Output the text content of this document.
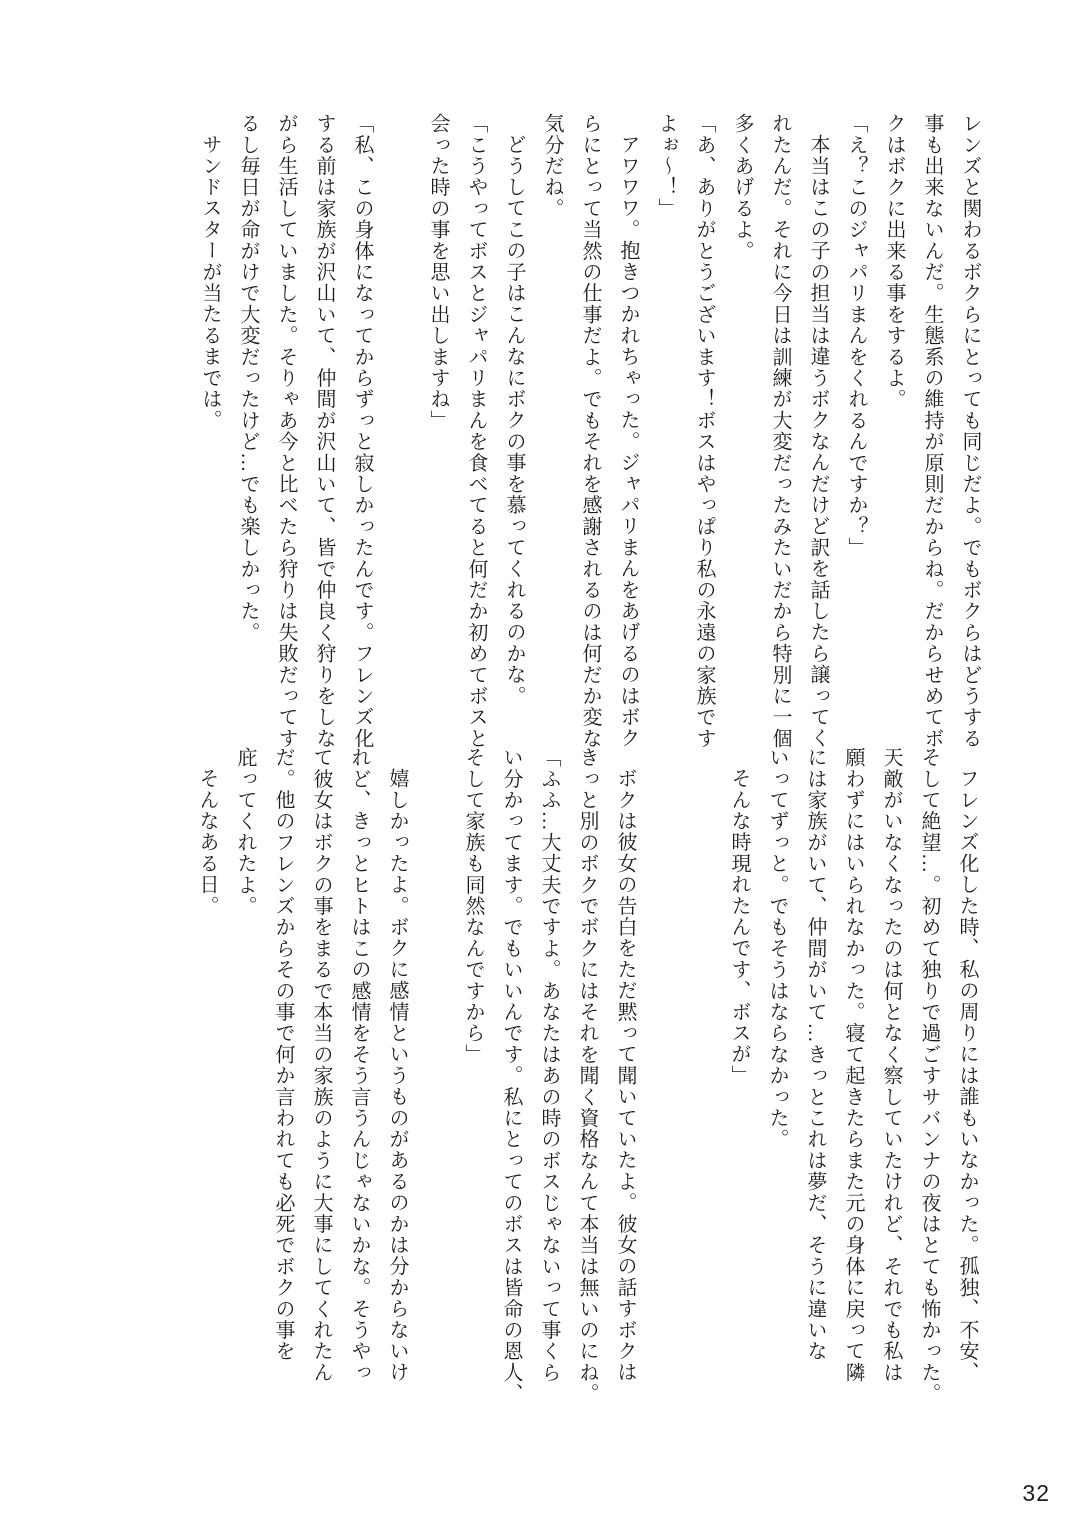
レンズと関わるボクらにとっても同じだよ。でもボクらはどうする
事も出来ないんだ。生態系の維持が原則だからね。だからせめてボ
クはボクに出来る事をするよ。
「え？このジャパリまんをくれるんですか？」
本当はこの子の担当は違うボクなんだけど訳を話したら譲ってく
れたんだ。それに今日は訓練が大変だったみたいだから特別に一個
多くあげるよ。
「あ、ありがとうございます！ボスはやっぱり私の永遠の家族です
よぉ～！」
アワワワ。抱きつかれちゃった。ジャパリまんをあげるのはボク
らにとって当然の仕事だよ。でもそれを感謝されるのは何だか変な
気分だね。
どうしてこの子はこんなにボクの事を慕ってくれるのかな。
「こうやってボスとジャパリまんを食べてると何だか初めてボスと
会った時の事を思い出しますね」
「私、この身体になってからずっと寂しかったんです。フレンズ化
する前は家族が沢山いて、仲間が沢山いて、皆で仲良く狩りをしな
がら生活していました。そりゃあ今と比べたら狩りは失敗だってす
るし毎日が命がけで大変だったけど…でも楽しかった。
サンドスターが当たるまでは。
フレンズ化した時、私の周りには誰もいなかった。孤独、不安、
そして絶望…。初めて独りで過ごすサバンナの夜はとても怖かった。
天敵がいなくなったのは何となく察していたけれど、それでも私は
願わずにはいられなかった。寝て起きたらまた元の身体に戻って隣
には家族がいて、仲間がいて…きっとこれは夢だ、そうに違いな
いってずっと。でもそうはならなかった。
そんな時現れたんです、ボスが」
ボクは彼女の告白をただ黙って聞いていたよ。彼女の話すボクは
きっと別のボクでボクにはそれを聞く資格なんて本当は無いのにね。
「ふふ…大丈夫ですよ。あなたはあの時のボスじゃないって事くら
い分かってます。でもいいんです。私にとってのボスは皆命の恩人、
そして家族も同然なんですから」
嬉しかったよ。ボクに感情というものがあるのかは分からないけ
れど、きっとヒトはこの感情をそう言うんじゃないかな。そうやっ
て彼女はボクの事をまるで本当の家族のように大事にしてくれたん
だ。他のフレンズからその事で何か言われても必死でボクの事を
庇ってくれたよ。
そんなある日。
32
